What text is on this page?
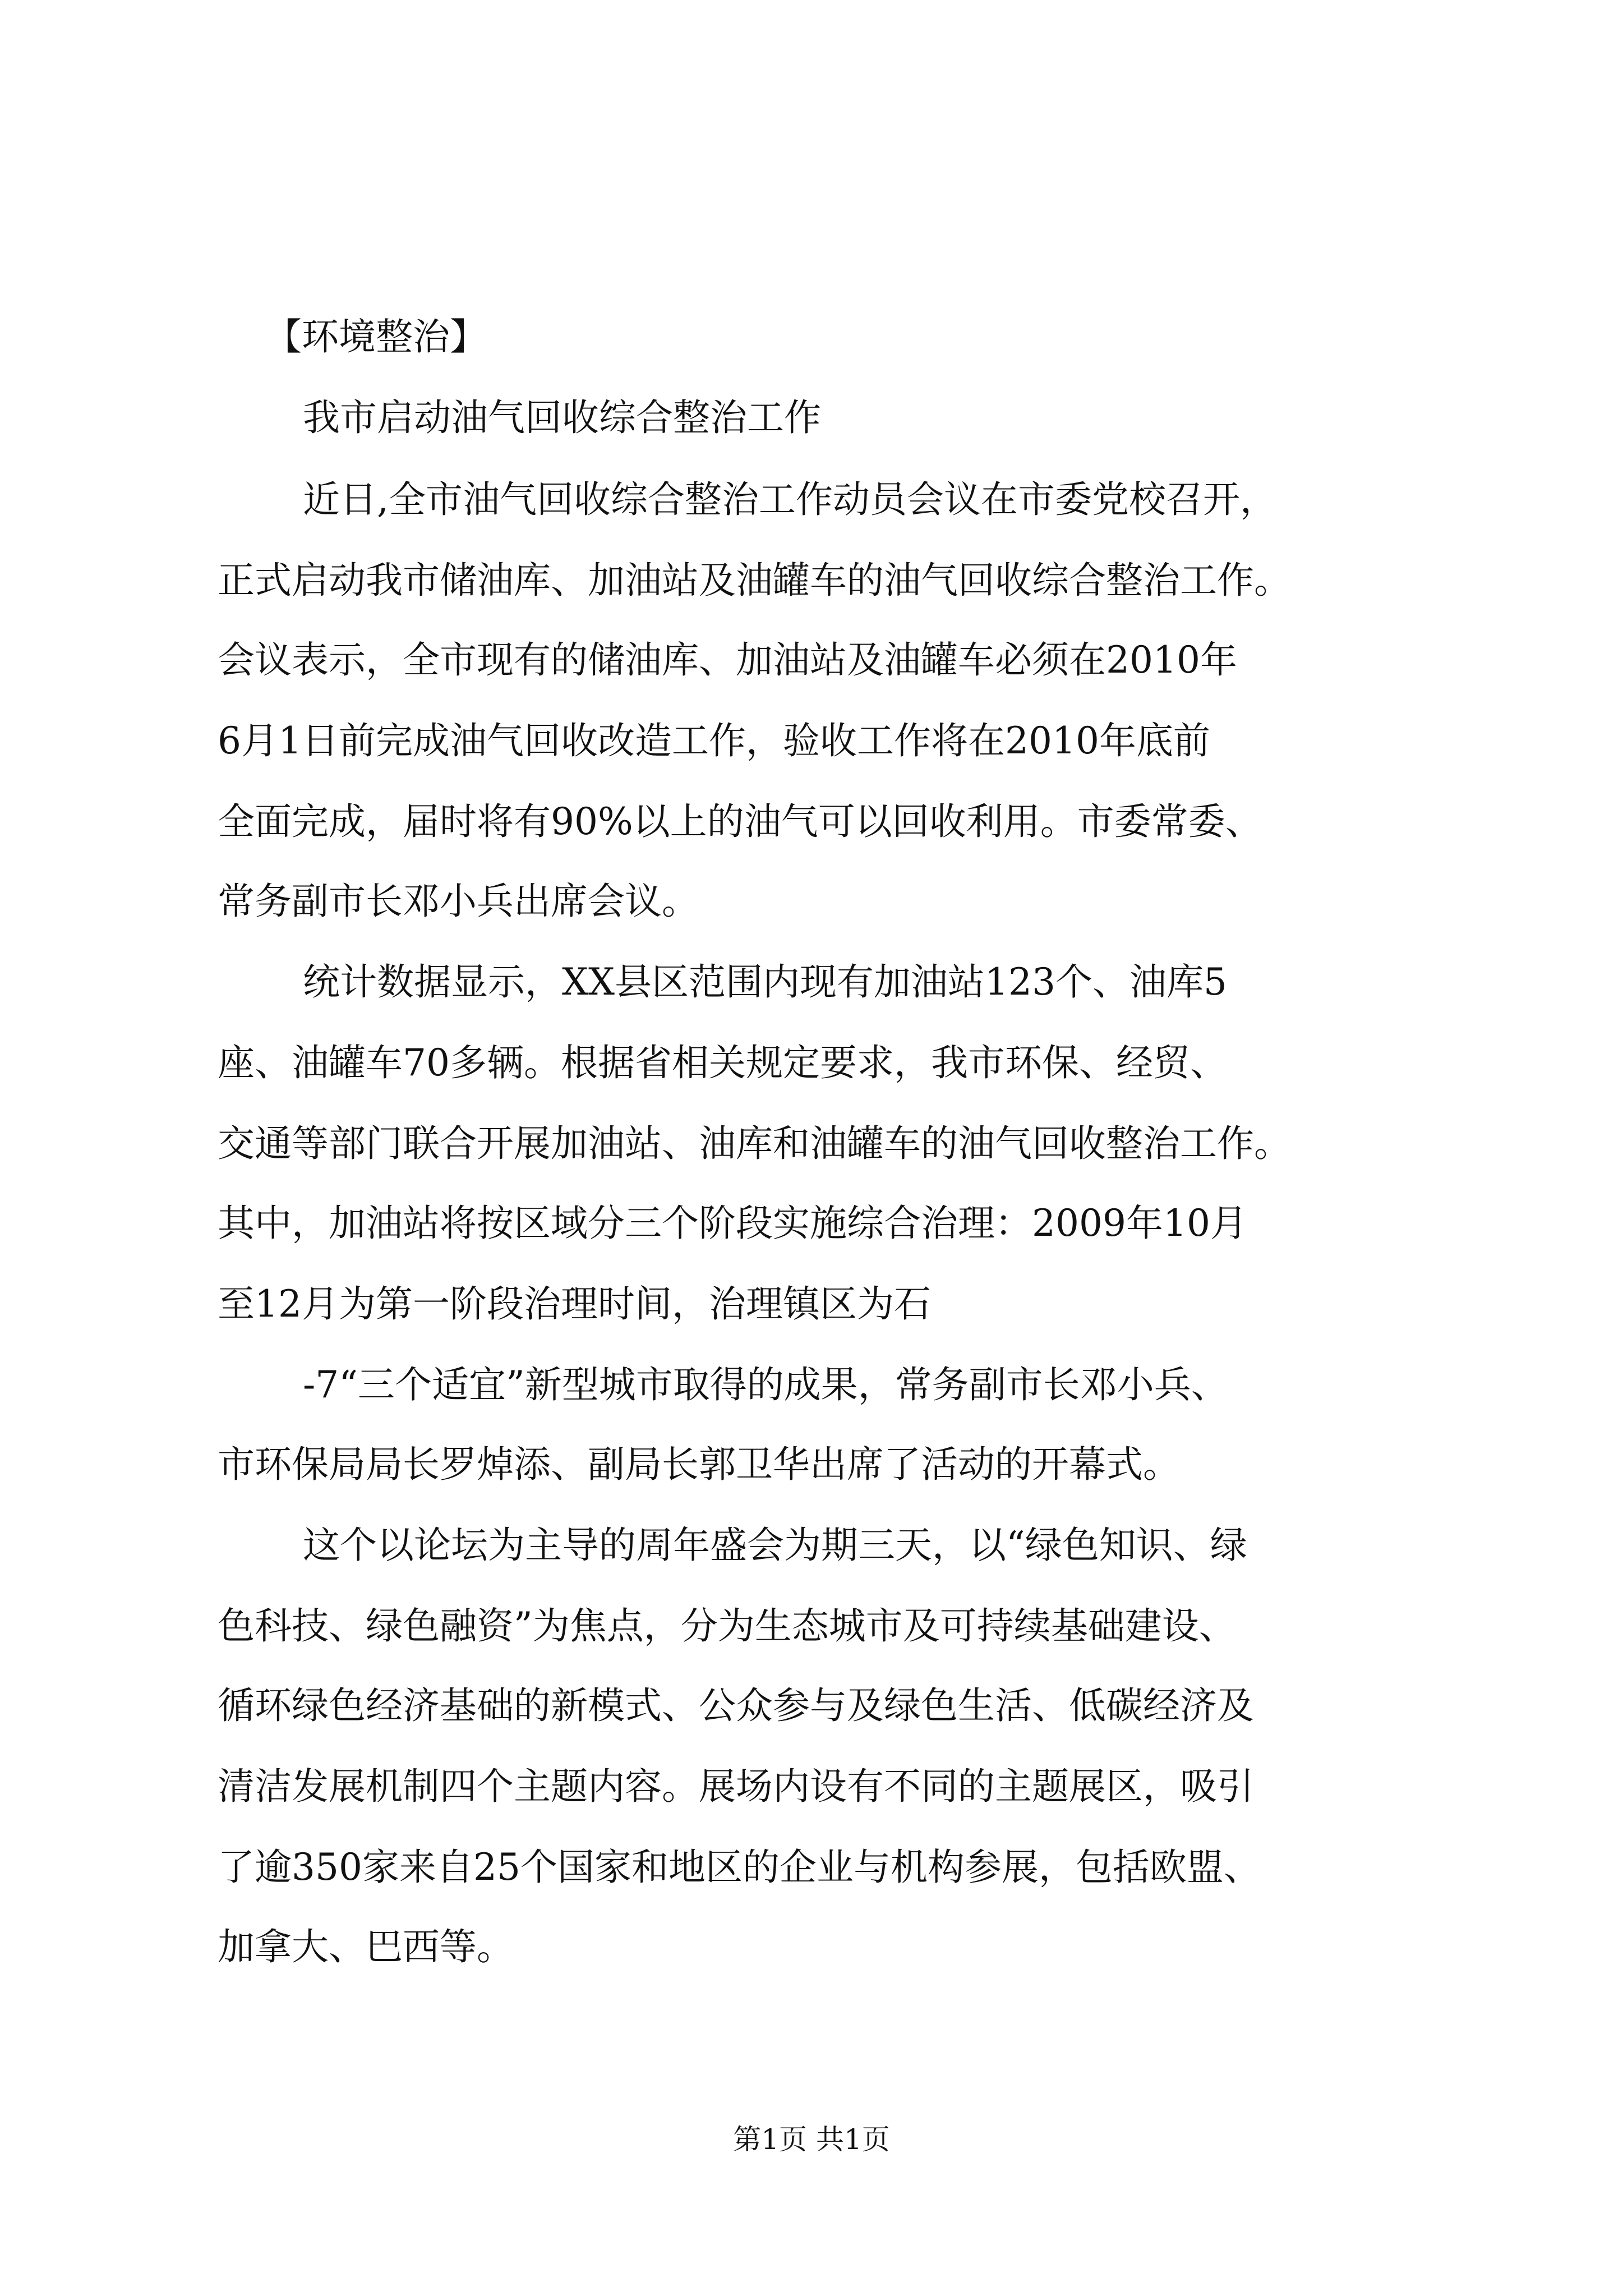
【环境整治】

我市启动油气回收综合整治工作

近日,全市油气回收综合整治工作动员会议在市委党校召开，

正式启动我市储油库、加油站及油罐车的油气回收综合整治工作。

会议表示，全市现有的储油库、加油站及油罐车必须在2010年

6月1日前完成油气回收改造工作，验收工作将在2010年底前

全面完成，届时将有90%以上的油气可以回收利用。市委常委、

常务副市长邓小兵出席会议。

统计数据显示，XX县区范围内现有加油站123个、油库5

座、油罐车70多辆。根据省相关规定要求，我市环保、经贸、

交通等部门联合开展加油站、油库和油罐车的油气回收整治工作。

其中，加油站将按区域分三个阶段实施综合治理：2009年10月

至12月为第一阶段治理时间，治理镇区为石

-7“三个适宜”新型城市取得的成果，常务副市长邓小兵、

市环保局局长罗焯添、副局长郭卫华出席了活动的开幕式。

这个以论坛为主导的周年盛会为期三天，以“绿色知识、绿

色科技、绿色融资”为焦点，分为生态城市及可持续基础建设、

循环绿色经济基础的新模式、公众参与及绿色生活、低碳经济及

清洁发展机制四个主题内容。展场内设有不同的主题展区，吸引

了逾350家来自25个国家和地区的企业与机构参展，包括欧盟、

加拿大、巴西等。

第1页 共1页
